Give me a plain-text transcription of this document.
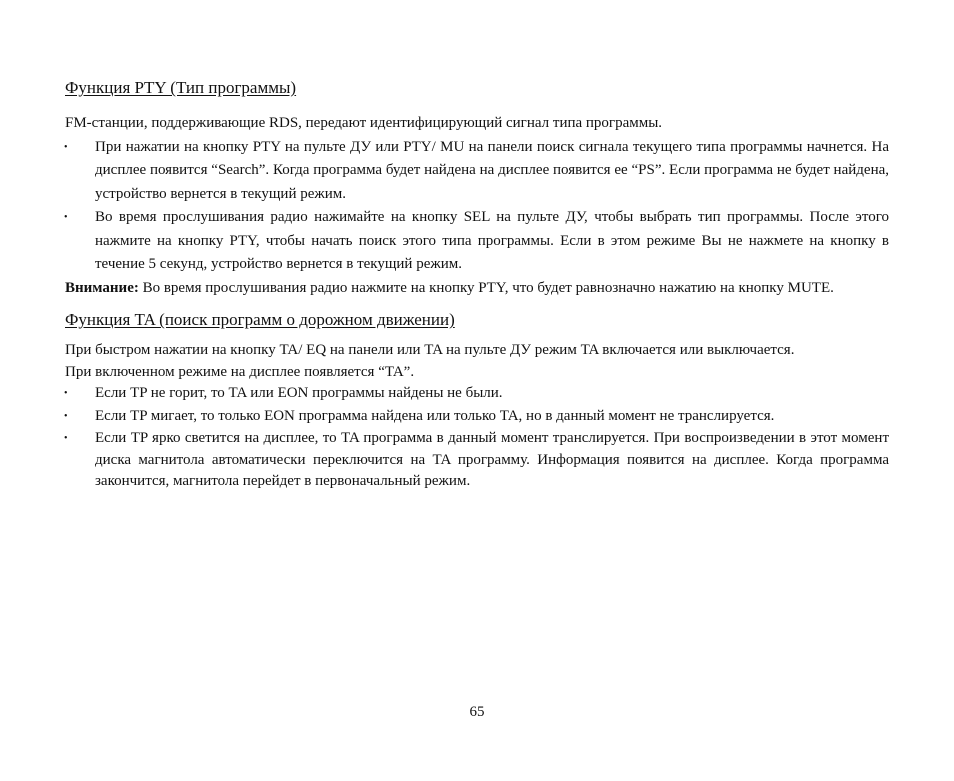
Функция PTY (Тип программы)

FM-станции, поддерживающие RDS, передают идентифицирующий сигнал типа программы.

• При нажатии на кнопку PTY на пульте ДУ или PTY/ MU на панели поиск сигнала текущего типа программы начнется. На дисплее появится “Search”. Когда программа будет найдена на дисплее появится ее “PS”. Если программа не будет найдена, устройство вернется в текущий режим.
• Во время прослушивания радио нажимайте на кнопку SEL на пульте ДУ, чтобы выбрать тип программы. После этого нажмите на кнопку PTY, чтобы начать поиск этого типа программы. Если в этом режиме Вы не нажмете на кнопку в течение 5 секунд, устройство вернется в текущий режим.

Внимание: Во время прослушивания радио нажмите на кнопку PTY, что будет равнозначно нажатию на кнопку MUTE.

Функция TA (поиск программ о дорожном движении)

При быстром нажатии на кнопку TA/ EQ на панели или TA на пульте ДУ режим TA включается или выключается.

При включенном режиме на дисплее появляется “TA”.

• Если TP не горит, то TA или EON программы найдены не были.
• Если TP мигает, то только EON программа найдена или только TA, но в данный момент не транслируется.
• Если TP ярко светится на дисплее, то TA программа в данный момент транслируется. При воспроизведении в этот момент диска магнитола автоматически переключится на TA программу. Информация появится на дисплее. Когда программа закончится, магнитола перейдет в первоначальный режим.
65
